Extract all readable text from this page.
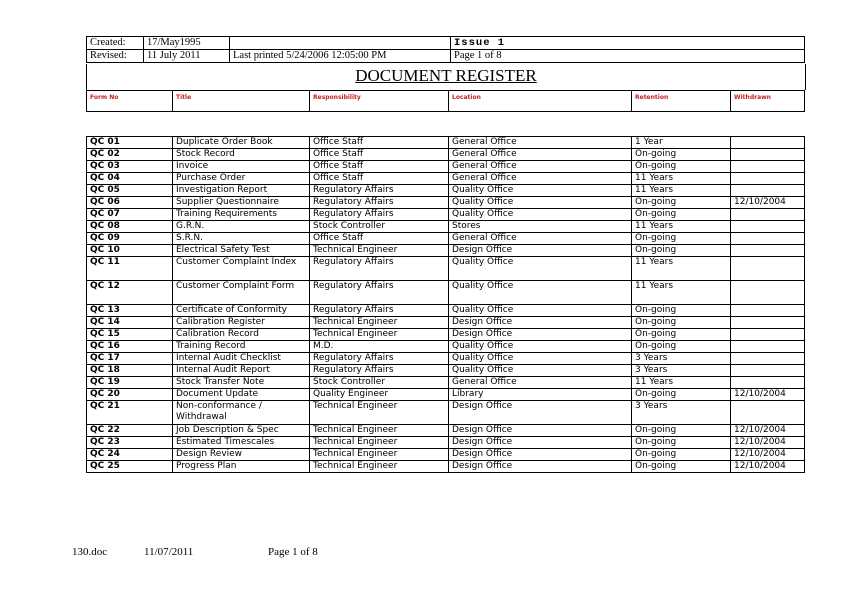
Created:	17/May1995		Issue 1
Revised:	11 July 2011	Last printed 5/24/2006 12:05:00 PM	Page 1 of 8
DOCUMENT REGISTER
Form No	Title	Responsibility	Location	Retention	Withdrawn
QC 01	Duplicate Order Book	Office Staff	General Office	1 Year	
QC 02	Stock Record	Office Staff	General Office	On-going	
QC 03	Invoice	Office Staff	General Office	On-going	
QC 04	Purchase Order	Office Staff	General Office	11 Years	
QC 05	Investigation Report	Regulatory Affairs	Quality Office	11 Years	
QC 06	Supplier Questionnaire	Regulatory Affairs	Quality Office	On-going	12/10/2004
QC 07	Training Requirements	Regulatory Affairs	Quality Office	On-going	
QC 08	G.R.N.	Stock Controller	Stores	11 Years	
QC 09	S.R.N.	Office Staff	General Office	On-going	
QC 10	Electrical Safety Test	Technical Engineer	Design Office	On-going	
QC 11	Customer Complaint Index	Regulatory Affairs	Quality Office	11 Years	
QC 12	Customer Complaint Form	Regulatory Affairs	Quality Office	11 Years	
QC 13	Certificate of Conformity	Regulatory Affairs	Quality Office	On-going	
QC 14	Calibration Register	Technical Engineer	Design Office	On-going	
QC 15	Calibration Record	Technical Engineer	Design Office	On-going	
QC 16	Training Record	M.D.	Quality Office	On-going	
QC 17	Internal Audit Checklist	Regulatory Affairs	Quality Office	3 Years	
QC 18	Internal Audit Report	Regulatory Affairs	Quality Office	3 Years	
QC 19	Stock Transfer Note	Stock Controller	General Office	11 Years	
QC 20	Document Update	Quality Engineer	Library	On-going	12/10/2004
QC 21	Non-conformance / Withdrawal	Technical Engineer	Design Office	3 Years	
QC 22	Job Description & Spec	Technical Engineer	Design Office	On-going	12/10/2004
QC 23	Estimated Timescales	Technical Engineer	Design Office	On-going	12/10/2004
QC 24	Design Review	Technical Engineer	Design Office	On-going	12/10/2004
QC 25	Progress Plan	Technical Engineer	Design Office	On-going	12/10/2004
130.doc	11/07/2011	Page 1 of 8
